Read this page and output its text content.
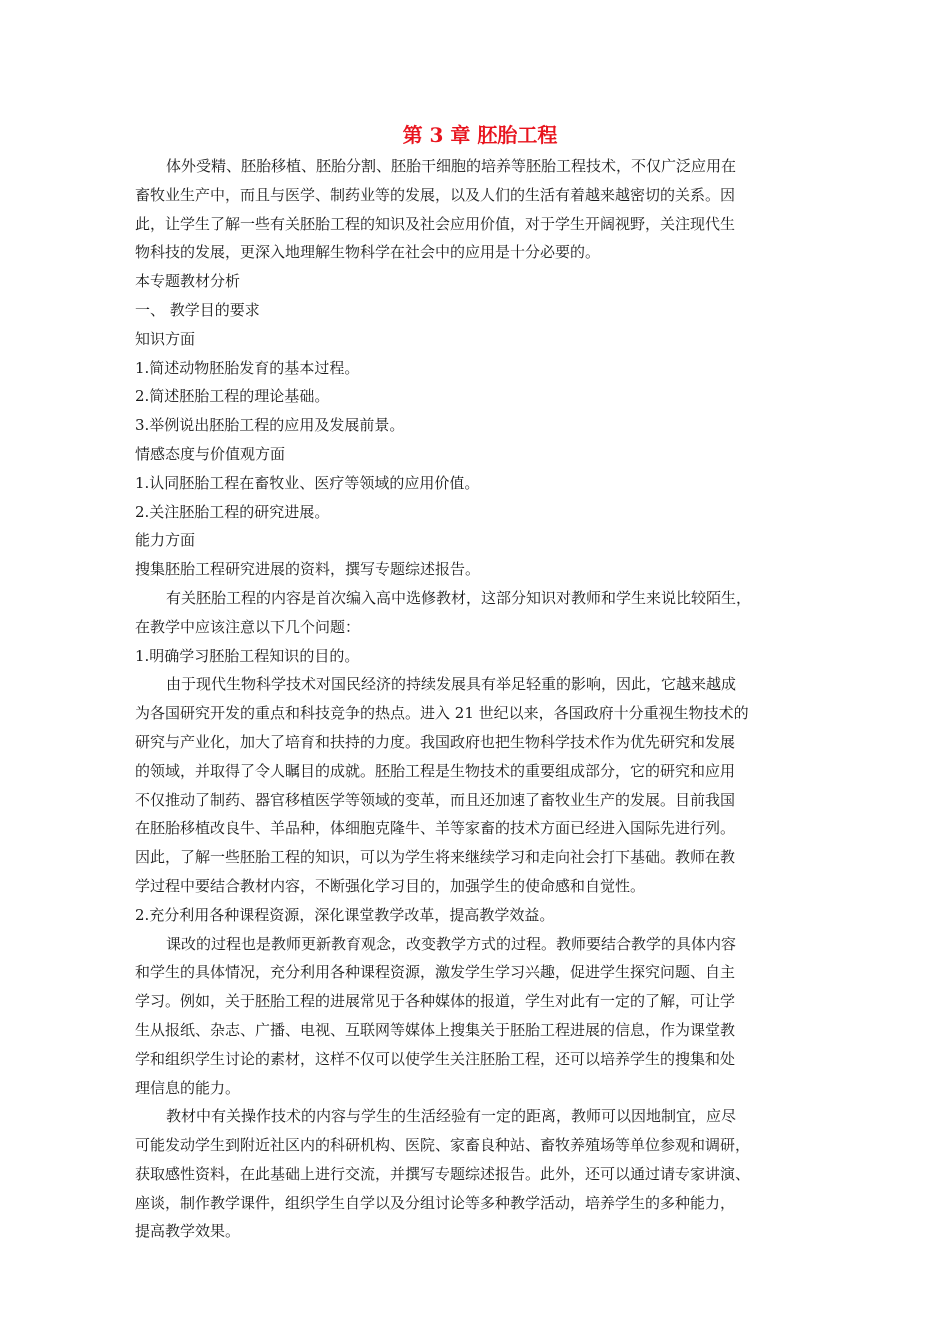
第 3 章 胚胎工程

体外受精、胚胎移植、胚胎分割、胚胎干细胞的培养等胚胎工程技术，不仅广泛应用在

畜牧业生产中，而且与医学、制药业等的发展，以及人们的生活有着越来越密切的关系。因

此，让学生了解一些有关胚胎工程的知识及社会应用价值，对于学生开阔视野，关注现代生

物科技的发展，更深入地理解生物科学在社会中的应用是十分必要的。

本专题教材分析

一、 教学目的要求

知识方面

1.简述动物胚胎发育的基本过程。

2.简述胚胎工程的理论基础。

3.举例说出胚胎工程的应用及发展前景。

情感态度与价值观方面

1.认同胚胎工程在畜牧业、医疗等领域的应用价值。

2.关注胚胎工程的研究进展。

能力方面

搜集胚胎工程研究进展的资料，撰写专题综述报告。

有关胚胎工程的内容是首次编入高中选修教材，这部分知识对教师和学生来说比较陌生，

在教学中应该注意以下几个问题：

1.明确学习胚胎工程知识的目的。

由于现代生物科学技术对国民经济的持续发展具有举足轻重的影响，因此，它越来越成

为各国研究开发的重点和科技竞争的热点。进入 21 世纪以来，各国政府十分重视生物技术的

研究与产业化，加大了培育和扶持的力度。我国政府也把生物科学技术作为优先研究和发展

的领域，并取得了令人瞩目的成就。胚胎工程是生物技术的重要组成部分，它的研究和应用

不仅推动了制药、器官移植医学等领域的变革，而且还加速了畜牧业生产的发展。目前我国

在胚胎移植改良牛、羊品种，体细胞克隆牛、羊等家畜的技术方面已经进入国际先进行列。

因此，了解一些胚胎工程的知识，可以为学生将来继续学习和走向社会打下基础。教师在教

学过程中要结合教材内容，不断强化学习目的，加强学生的使命感和自觉性。

2.充分利用各种课程资源，深化课堂教学改革，提高教学效益。

课改的过程也是教师更新教育观念，改变教学方式的过程。教师要结合教学的具体内容

和学生的具体情况，充分利用各种课程资源，激发学生学习兴趣，促进学生探究问题、自主

学习。例如，关于胚胎工程的进展常见于各种媒体的报道，学生对此有一定的了解，可让学

生从报纸、杂志、广播、电视、互联网等媒体上搜集关于胚胎工程进展的信息，作为课堂教

学和组织学生讨论的素材，这样不仅可以使学生关注胚胎工程，还可以培养学生的搜集和处

理信息的能力。

教材中有关操作技术的内容与学生的生活经验有一定的距离，教师可以因地制宜，应尽

可能发动学生到附近社区内的科研机构、医院、家畜良种站、畜牧养殖场等单位参观和调研，

获取感性资料，在此基础上进行交流，并撰写专题综述报告。此外，还可以通过请专家讲演、

座谈，制作教学课件，组织学生自学以及分组讨论等多种教学活动，培养学生的多种能力，

提高教学效果。
